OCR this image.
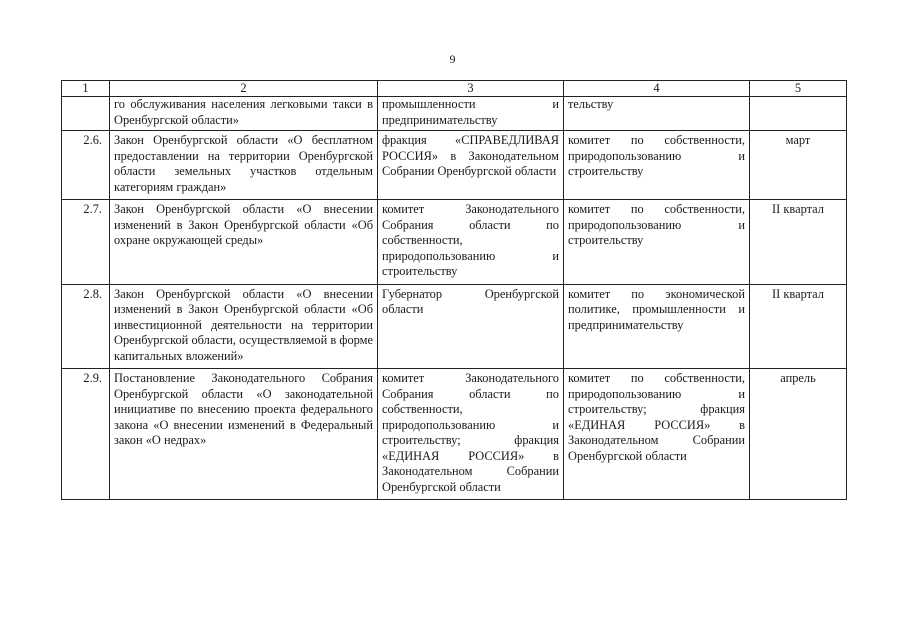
9
1	2	3	4	5
	го обслуживания населения легковыми такси в Оренбургской области»	промышленности и предпринимательству	тельству	
2.6.	Закон Оренбургской области «О бесплатном предоставлении на территории Оренбургской области земельных участков отдельным категориям граждан»	фракция «СПРАВЕДЛИВАЯ РОССИЯ» в Законодательном Собрании Оренбургской области	комитет по собственности, природопользованию и строительству	март
2.7.	Закон Оренбургской области «О внесении изменений в Закон Оренбургской области «Об охране окружающей среды»	комитет Законодательного Собрания области по собственности, природопользованию и строительству	комитет по собственности, природопользованию и строительству	II квартал
2.8.	Закон Оренбургской области «О внесении изменений в Закон Оренбургской области «Об инвестиционной деятельности на территории Оренбургской области, осуществляемой в форме капитальных вложений»	Губернатор Оренбургской области	комитет по экономической политике, промышленности и предпринимательству	II квартал
2.9.	Постановление Законодательного Собрания Оренбургской области «О законодательной инициативе по внесению проекта федерального закона «О внесении изменений в Федеральный закон «О недрах»	комитет Законодательного Собрания области по собственности, природопользованию и строительству; фракция «ЕДИНАЯ РОССИЯ» в Законодательном Собрании Оренбургской области	комитет по собственности, природопользованию и строительству; фракция «ЕДИНАЯ РОССИЯ» в Законодательном Собрании Оренбургской области	апрель
